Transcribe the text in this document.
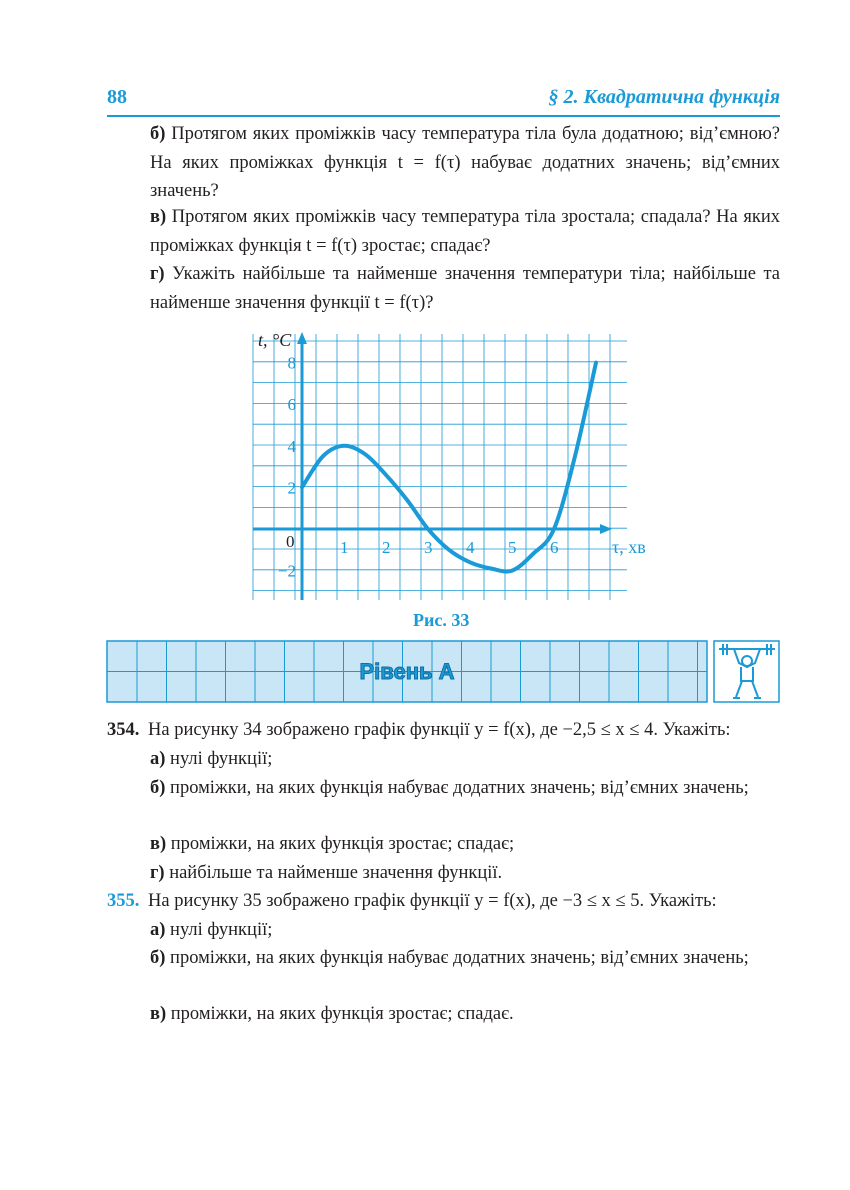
88	§ 2. Квадратична функція
б) Протягом яких проміжків часу температура тіла була додатною; від’ємною? На яких проміжках функція t = f(τ) набуває додатних значень; від’ємних значень?
в) Протягом яких проміжків часу температура тіла зростала; спадала? На яких проміжках функція t = f(τ) зростає; спадає?
г) Укажіть найбільше та найменше значення температури тіла; найбільше та найменше значення функції t = f(τ)?
t, °С
τ, хв
0	1 2 3 4 5 6
8
6
4
2
−2
Рис. 33
Рівень А
354. На рисунку 34 зображено графік функції y = f(x), де −2,5 ≤ x ≤ 4. Укажіть:
а) нулі функції;
б) проміжки, на яких функція набуває додатних значень; від’ємних значень;
в) проміжки, на яких функція зростає; спадає;
г) найбільше та найменше значення функції.
355. На рисунку 35 зображено графік функції y = f(x), де −3 ≤ x ≤ 5. Укажіть:
а) нулі функції;
б) проміжки, на яких функція набуває додатних значень; від’ємних значень;
в) проміжки, на яких функція зростає; спадає.
